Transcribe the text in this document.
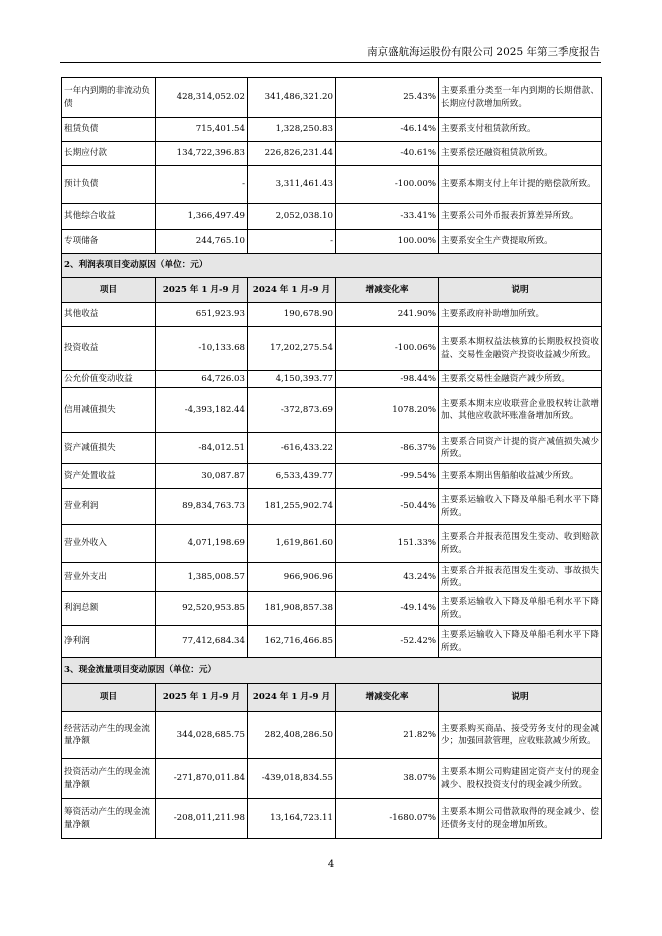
南京盛航海运股份有限公司 2025 年第三季度报告
一年内到期的非流动负债	428,314,052.02	341,486,321.20	25.43%	主要系重分类至一年内到期的长期借款、长期应付款增加所致。
租赁负债	715,401.54	1,328,250.83	-46.14%	主要系支付租赁款所致。
长期应付款	134,722,396.83	226,826,231.44	-40.61%	主要系偿还融资租赁款所致。
预计负债	-	3,311,461.43	-100.00%	主要系本期支付上年计提的赔偿款所致。
其他综合收益	1,366,497.49	2,052,038.10	-33.41%	主要系公司外币报表折算差异所致。
专项储备	244,765.10	-	100.00%	主要系安全生产费提取所致。
2、利润表项目变动原因（单位：元）				
项目	2025 年 1 月-9 月	2024 年 1 月-9 月	增减变化率	说明
其他收益	651,923.93	190,678.90	241.90%	主要系政府补助增加所致。
投资收益	-10,133.68	17,202,275.54	-100.06%	主要系本期权益法核算的长期股权投资收益、交易性金融资产投资收益减少所致。
公允价值变动收益	64,726.03	4,150,393.77	-98.44%	主要系交易性金融资产减少所致。
信用减值损失	-4,393,182.44	-372,873.69	1078.20%	主要系本期末应收联营企业股权转让款增加、其他应收款坏账准备增加所致。
资产减值损失	-84,012.51	-616,433.22	-86.37%	主要系合同资产计提的资产减值损失减少所致。
资产处置收益	30,087.87	6,533,439.77	-99.54%	主要系本期出售船舶收益减少所致。
营业利润	89,834,763.73	181,255,902.74	-50.44%	主要系运输收入下降及单船毛利水平下降所致。
营业外收入	4,071,198.69	1,619,861.60	151.33%	主要系合并报表范围发生变动、收到赔款所致。
营业外支出	1,385,008.57	966,906.96	43.24%	主要系合并报表范围发生变动、事故损失所致。
利润总额	92,520,953.85	181,908,857.38	-49.14%	主要系运输收入下降及单船毛利水平下降所致。
净利润	77,412,684.34	162,716,466.85	-52.42%	主要系运输收入下降及单船毛利水平下降所致。
3、现金流量项目变动原因（单位：元）				
项目	2025 年 1 月-9 月	2024 年 1 月-9 月	增减变化率	说明
经营活动产生的现金流量净额	344,028,685.75	282,408,286.50	21.82%	主要系购买商品、接受劳务支付的现金减少；加强回款管理，应收账款减少所致。
投资活动产生的现金流量净额	-271,870,011.84	-439,018,834.55	38.07%	主要系本期公司购建固定资产支付的现金减少、股权投资支付的现金减少所致。
筹资活动产生的现金流量净额	-208,011,211.98	13,164,723.11	-1680.07%	主要系本期公司借款取得的现金减少、偿还债务支付的现金增加所致。
4
